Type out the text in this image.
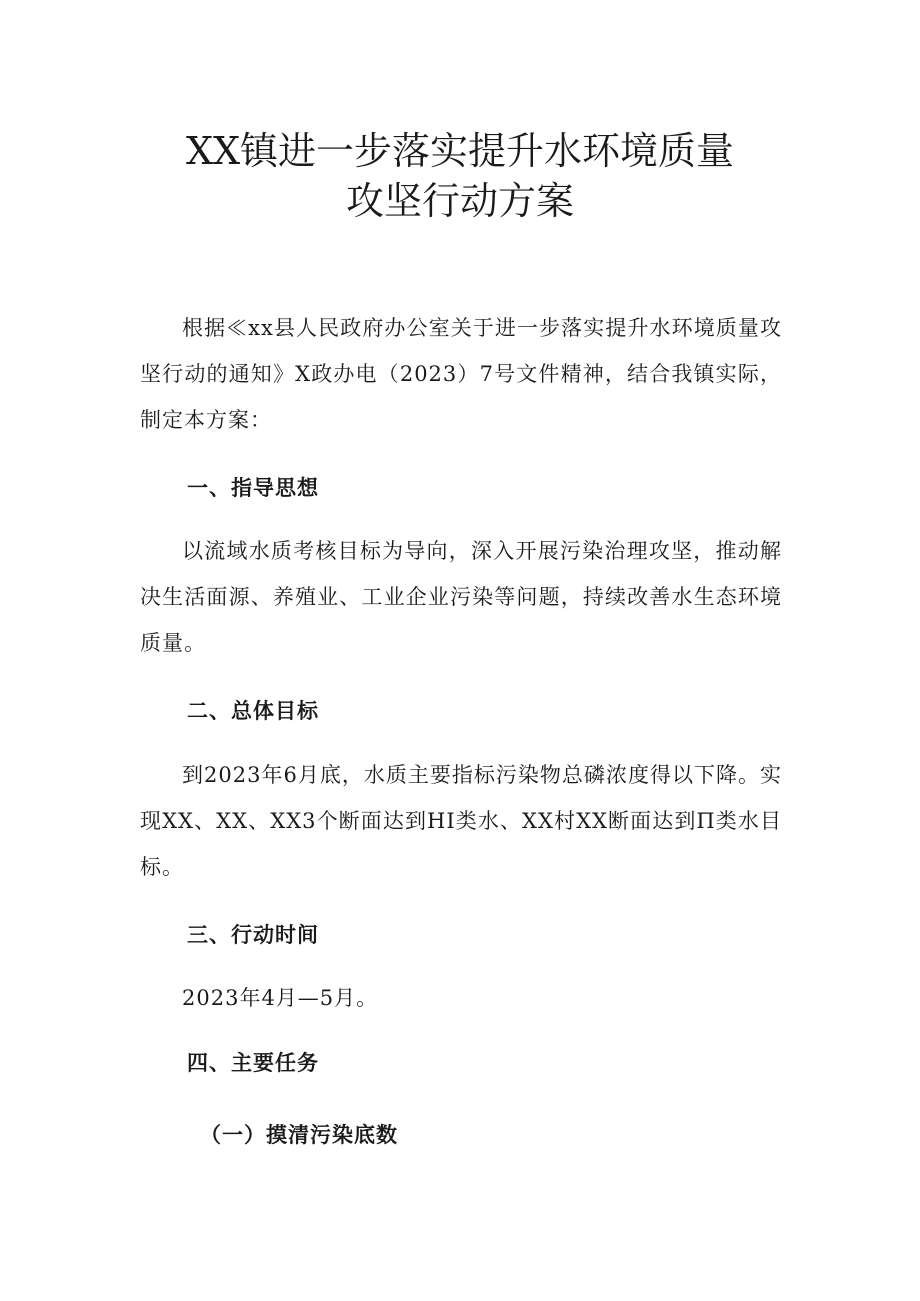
XX镇进一步落实提升水环境质量
攻坚行动方案

根据≪xx县人民政府办公室关于进一步落实提升水环境质量攻坚行动的通知》X政办电（2023）7号文件精神，结合我镇实际，制定本方案：

一、指导思想

以流域水质考核目标为导向，深入开展污染治理攻坚，推动解决生活面源、养殖业、工业企业污染等问题，持续改善水生态环境质量。

二、总体目标

到2023年6月底，水质主要指标污染物总磷浓度得以下降。实现XX、XX、XX3个断面达到HI类水、XX村XX断面达到Π类水目标。

三、行动时间

2023年4月—5月。

四、主要任务
（一）摸清污染底数
